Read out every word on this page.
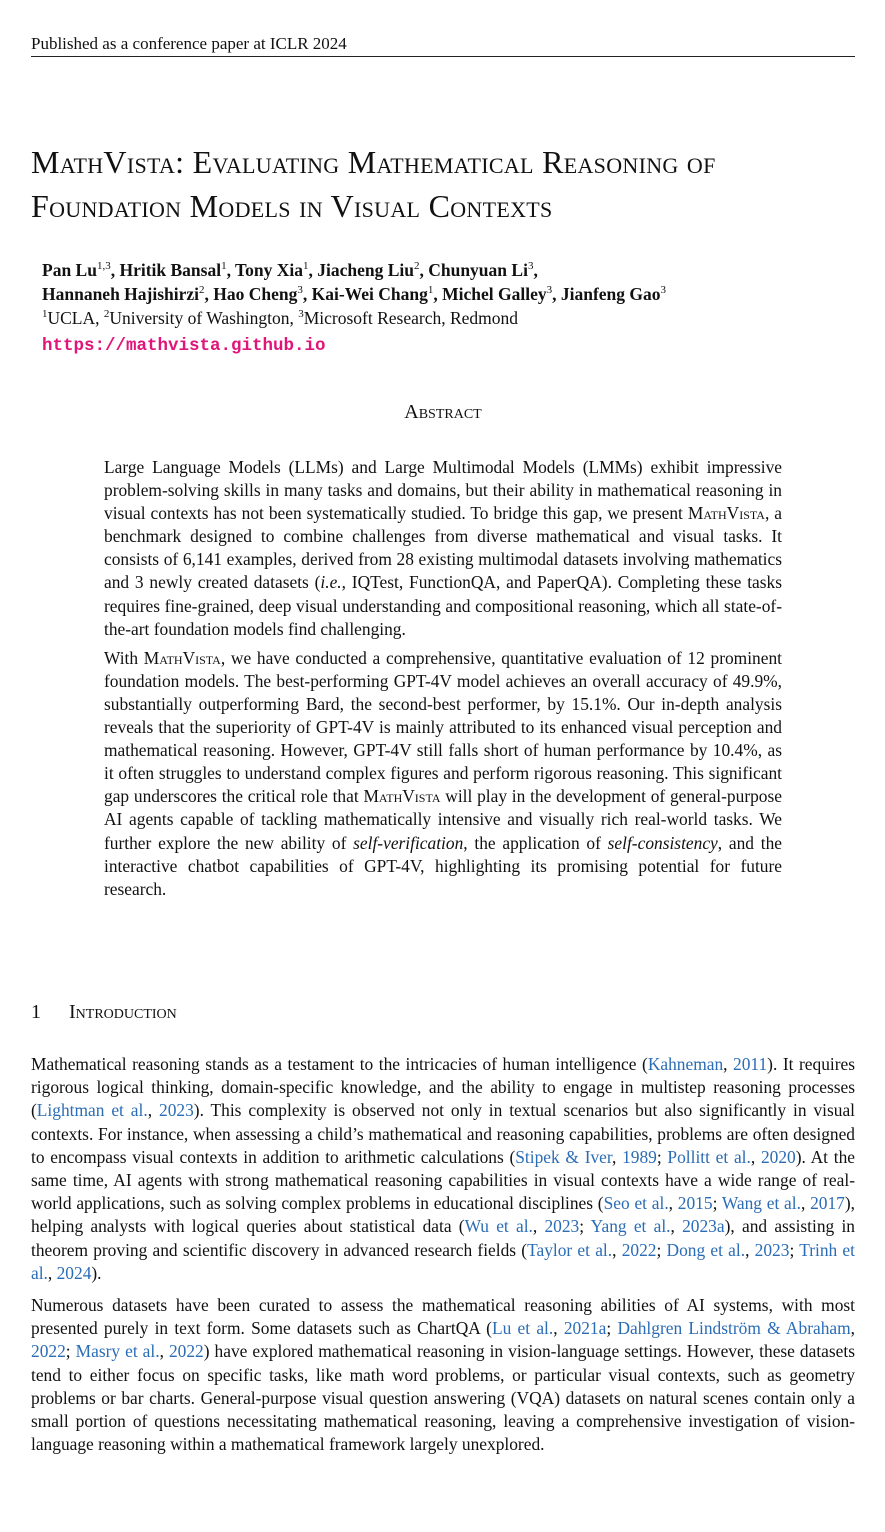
Published as a conference paper at ICLR 2024
MathVista: Evaluating Mathematical Reasoning of Foundation Models in Visual Contexts
Pan Lu$^{1,3}$, Hritik Bansal$^1$, Tony Xia$^1$, Jiacheng Liu$^2$, Chunyuan Li$^3$,
Hannaneh Hajishirzi$^2$, Hao Cheng$^3$, Kai-Wei Chang$^1$, Michel Galley$^3$, Jianfeng Gao$^3$
$^1$UCLA, $^2$University of Washington, $^3$Microsoft Research, Redmond
https://mathvista.github.io
Abstract

Large Language Models (LLMs) and Large Multimodal Models (LMMs) exhibit impressive problem-solving skills in many tasks and domains, but their ability in mathematical reasoning in visual contexts has not been systematically studied. To bridge this gap, we present MathVista, a benchmark designed to combine challenges from diverse mathematical and visual tasks. It consists of 6,141 examples, derived from 28 existing multimodal datasets involving mathematics and 3 newly created datasets (i.e., IQTest, FunctionQA, and PaperQA). Completing these tasks requires fine-grained, deep visual understanding and compositional reasoning, which all state-of-the-art foundation models find challenging.

With MathVista, we have conducted a comprehensive, quantitative evaluation of 12 prominent foundation models. The best-performing GPT-4V model achieves an overall accuracy of 49.9%, substantially outperforming Bard, the second-best performer, by 15.1%. Our in-depth analysis reveals that the superiority of GPT-4V is mainly attributed to its enhanced visual perception and mathematical reasoning. However, GPT-4V still falls short of human performance by 10.4%, as it often struggles to understand complex figures and perform rigorous reasoning. This significant gap underscores the critical role that MathVista will play in the development of general-purpose AI agents capable of tackling mathematically intensive and visually rich real-world tasks. We further explore the new ability of self-verification, the application of self-consistency, and the interactive chatbot capabilities of GPT-4V, highlighting its promising potential for future research.

1 Introduction

Mathematical reasoning stands as a testament to the intricacies of human intelligence (Kahneman, 2011). It requires rigorous logical thinking, domain-specific knowledge, and the ability to engage in multistep reasoning processes (Lightman et al., 2023). This complexity is observed not only in textual scenarios but also significantly in visual contexts. For instance, when assessing a child’s mathematical and reasoning capabilities, problems are often designed to encompass visual contexts in addition to arithmetic calculations (Stipek & Iver, 1989; Pollitt et al., 2020). At the same time, AI agents with strong mathematical reasoning capabilities in visual contexts have a wide range of real-world applications, such as solving complex problems in educational disciplines (Seo et al., 2015; Wang et al., 2017), helping analysts with logical queries about statistical data (Wu et al., 2023; Yang et al., 2023a), and assisting in theorem proving and scientific discovery in advanced research fields (Taylor et al., 2022; Dong et al., 2023; Trinh et al., 2024).

Numerous datasets have been curated to assess the mathematical reasoning abilities of AI systems, with most presented purely in text form. Some datasets such as ChartQA (Lu et al., 2021a; Dahlgren Lindström & Abraham, 2022; Masry et al., 2022) have explored mathematical reasoning in vision-language settings. However, these datasets tend to either focus on specific tasks, like math word problems, or particular visual contexts, such as geometry problems or bar charts. General-purpose visual question answering (VQA) datasets on natural scenes contain only a small portion of questions necessitating mathematical reasoning, leaving a comprehensive investigation of vision-language reasoning within a mathematical framework largely unexplored.
